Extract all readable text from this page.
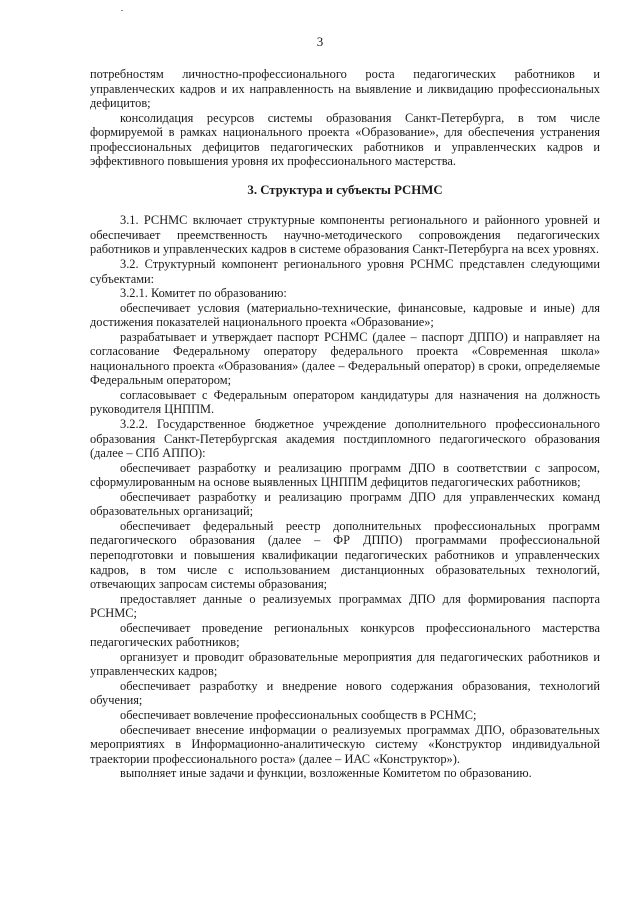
3

потребностям личностно-профессионального роста педагогических работников и управленческих кадров и их направленность на выявление и ликвидацию профессиональных дефицитов;

консолидация ресурсов системы образования Санкт-Петербурга, в том числе формируемой в рамках национального проекта «Образование», для обеспечения устранения профессиональных дефицитов педагогических работников и управленческих кадров и эффективного повышения уровня их профессионального мастерства.

3. Структура и субъекты РСНМС

3.1. РСНМС включает структурные компоненты регионального и районного уровней и обеспечивает преемственность научно-методического сопровождения педагогических работников и управленческих кадров в системе образования Санкт-Петербурга на всех уровнях.

3.2. Структурный компонент регионального уровня РСНМС представлен следующими субъектами:

3.2.1. Комитет по образованию:

обеспечивает условия (материально-технические, финансовые, кадровые и иные) для достижения показателей национального проекта «Образование»;

разрабатывает и утверждает паспорт РСНМС (далее – паспорт ДППО) и направляет на согласование Федеральному оператору федерального проекта «Современная школа» национального проекта «Образования» (далее – Федеральный оператор) в сроки, определяемые Федеральным оператором;

согласовывает с Федеральным оператором кандидатуры для назначения на должность руководителя ЦНППМ.

3.2.2. Государственное бюджетное учреждение дополнительного профессионального образования Санкт-Петербургская академия постдипломного педагогического образования (далее – СПб АППО):

обеспечивает разработку и реализацию программ ДПО в соответствии с запросом, сформулированным на основе выявленных ЦНППМ дефицитов педагогических работников;

обеспечивает разработку и реализацию программ ДПО для управленческих команд образовательных организаций;

обеспечивает федеральный реестр дополнительных профессиональных программ педагогического образования (далее – ФР ДППО) программами профессиональной переподготовки и повышения квалификации педагогических работников и управленческих кадров, в том числе с использованием дистанционных образовательных технологий, отвечающих запросам системы образования;

предоставляет данные о реализуемых программах ДПО для формирования паспорта РСНМС;

обеспечивает проведение региональных конкурсов профессионального мастерства педагогических работников;

организует и проводит образовательные мероприятия для педагогических работников и управленческих кадров;

обеспечивает разработку и внедрение нового содержания образования, технологий обучения;

обеспечивает вовлечение профессиональных сообществ в РСНМС;

обеспечивает внесение информации о реализуемых программах ДПО, образовательных мероприятиях в Информационно-аналитическую систему «Конструктор индивидуальной траектории профессионального роста» (далее – ИАС «Конструктор»).

выполняет иные задачи и функции, возложенные Комитетом по образованию.
